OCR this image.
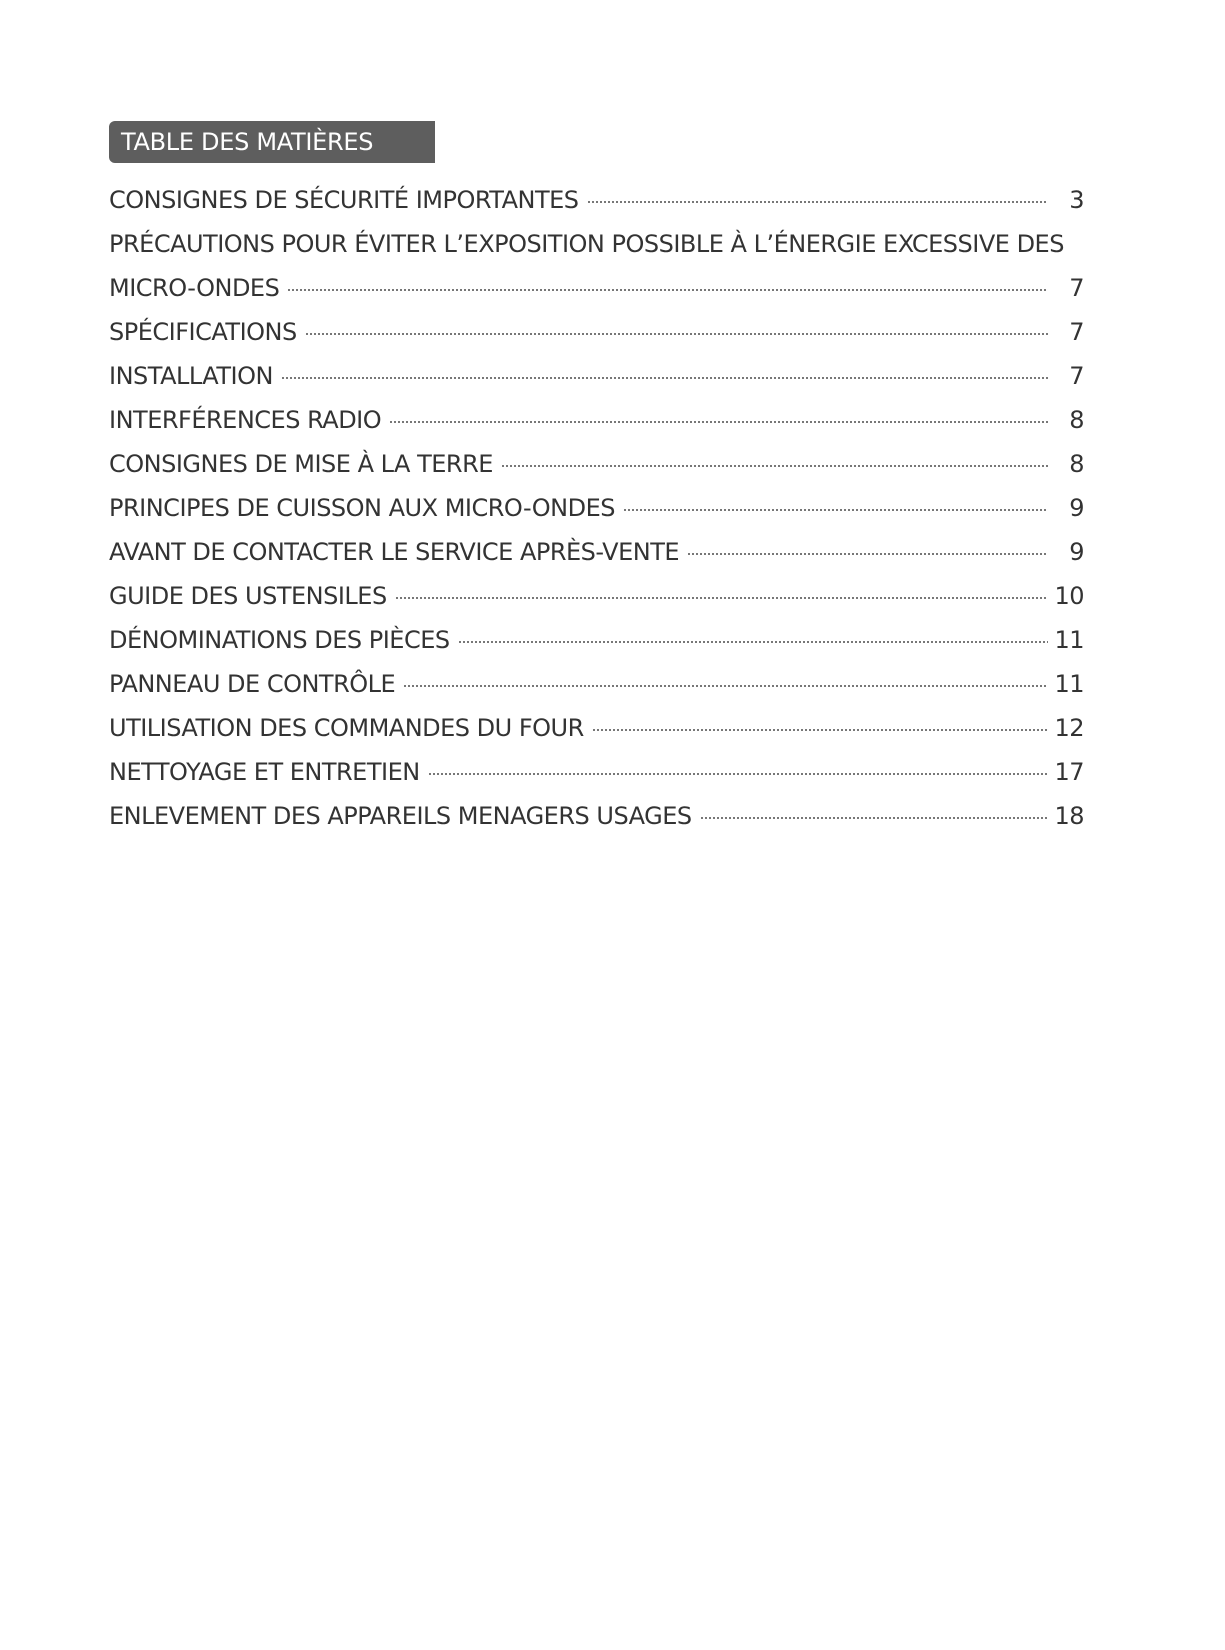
TABLE DES MATIÈRES
CONSIGNES DE SÉCURITÉ IMPORTANTES	3
PRÉCAUTIONS POUR ÉVITER L’EXPOSITION POSSIBLE À L’ÉNERGIE EXCESSIVE DES
MICRO-ONDES	7
SPÉCIFICATIONS	7
INSTALLATION	7
INTERFÉRENCES RADIO	8
CONSIGNES DE MISE À LA TERRE	8
PRINCIPES DE CUISSON AUX MICRO-ONDES	9
AVANT DE CONTACTER LE SERVICE APRÈS-VENTE	9
GUIDE DES USTENSILES	10
DÉNOMINATIONS DES PIÈCES	11
PANNEAU DE CONTRÔLE	11
UTILISATION DES COMMANDES DU FOUR	12
NETTOYAGE ET ENTRETIEN	17
ENLEVEMENT DES APPAREILS MENAGERS USAGES	18
